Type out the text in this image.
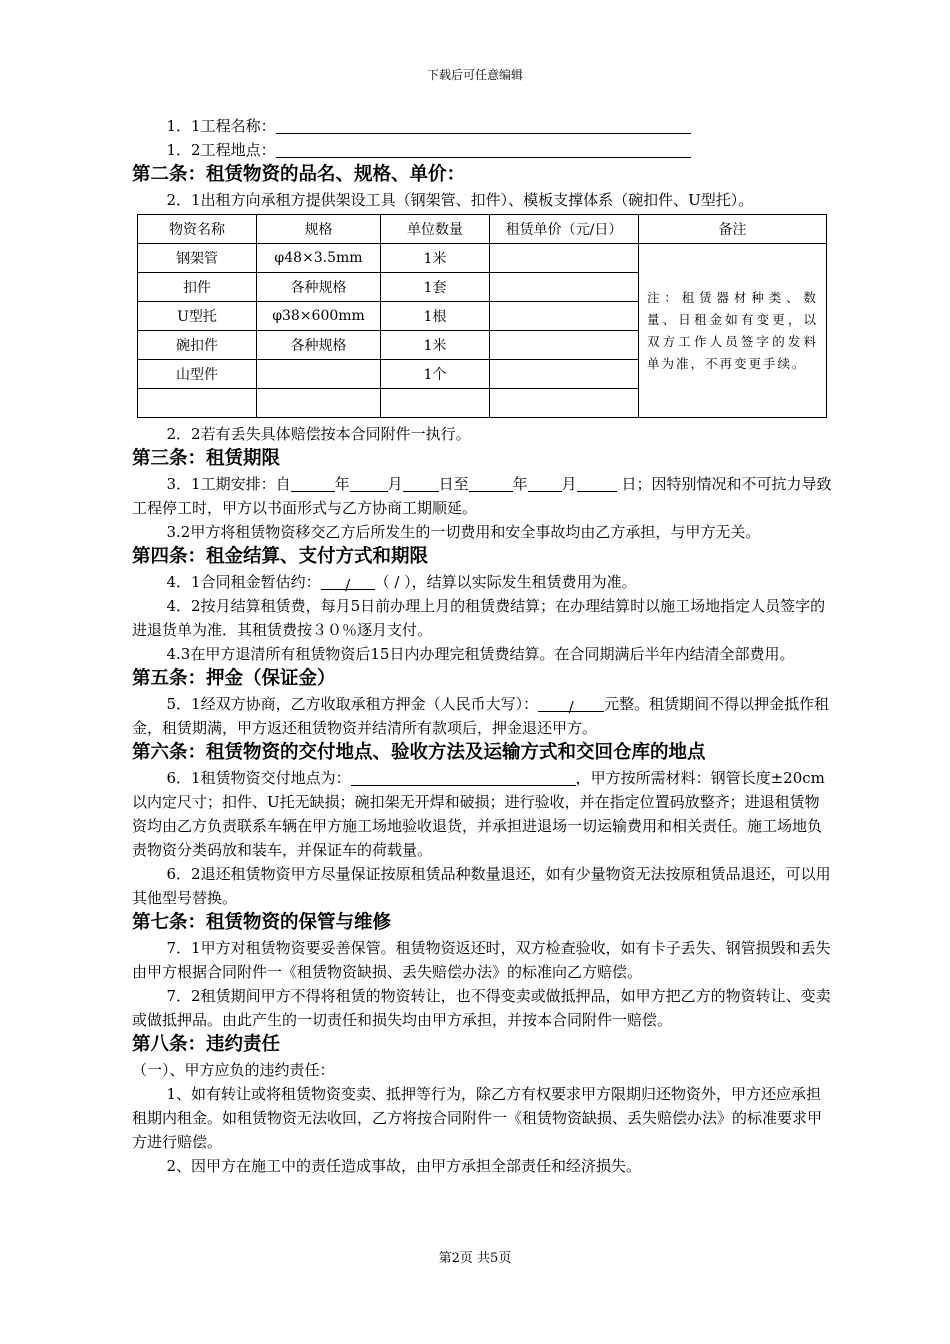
下载后可任意编辑

1．1工程名称：

1．2工程地点：

第二条：租赁物资的品名、规格、单价：

2．1出租方向承租方提供架设工具（钢架管、扣件）、模板支撑体系（碗扣件、U型托）。

物资名称	规格	单位数量	租赁单价（元/日）	备注
钢架管	φ48×3.5mm	1米		注：租赁器材种类、数量、日租金如有变更，以双方工作人员签字的发料单为准，不再变更手续。
扣件	各种规格	1套		
U型托	φ38×600mm	1根		
碗扣件	各种规格	1米		
山型件		1个		

2．2若有丢失具体赔偿按本合同附件一执行。

第三条：租赁期限

3．1工期安排：自	年	月 日至	年 月	日；因特别情况和不可抗力导致工程停工时，甲方以书面形式与乙方协商工期顺延。

3.2甲方将租赁物资移交乙方后所发生的一切费用和安全事故均由乙方承担，与甲方无关。

第四条：租金结算、支付方式和期限

4．1合同租金暂估约： / （ / ），结算以实际发生租赁费用为准。

4．2按月结算租赁费，每月5日前办理上月的租赁费结算；在办理结算时以施工场地指定人员签字的进退货单为准．其租赁费按３０％逐月支付。

4.3在甲方退清所有租赁物资后15日内办理完租赁费结算。在合同期满后半年内结清全部费用。

第五条：押金（保证金）

5．1经双方协商，乙方收取承租方押金（人民币大写）： / 元整。租赁期间不得以押金抵作租金，租赁期满，甲方返还租赁物资并结清所有款项后，押金退还甲方。

第六条：租赁物资的交付地点、验收方法及运输方式和交回仓库的地点

6．1租赁物资交付地点为：	，甲方按所需材料：钢管长度±20cm以内定尺寸；扣件、U托无缺损；碗扣架无开焊和破损；进行验收，并在指定位置码放整齐；进退租赁物资均由乙方负责联系车辆在甲方施工场地验收退货，并承担进退场一切运输费用和相关责任。施工场地负责物资分类码放和装车，并保证车的荷载量。

6．2退还租赁物资甲方尽量保证按原租赁品种数量退还，如有少量物资无法按原租赁品退还，可以用其他型号替换。

第七条：租赁物资的保管与维修

7．1甲方对租赁物资要妥善保管。租赁物资返还时，双方检查验收，如有卡子丢失、钢管损毁和丢失由甲方根据合同附件一《租赁物资缺损、丢失赔偿办法》的标准向乙方赔偿。

7．2租赁期间甲方不得将租赁的物资转让，也不得变卖或做抵押品，如甲方把乙方的物资转让、变卖或做抵押品。由此产生的一切责任和损失均由甲方承担，并按本合同附件一赔偿。

第八条：违约责任

（一）、甲方应负的违约责任：

1、如有转让或将租赁物资变卖、抵押等行为，除乙方有权要求甲方限期归还物资外，甲方还应承担租期内租金。如租赁物资无法收回，乙方将按合同附件一《租赁物资缺损、丢失赔偿办法》的标准要求甲方进行赔偿。

2、因甲方在施工中的责任造成事故，由甲方承担全部责任和经济损失。

第2页 共5页
